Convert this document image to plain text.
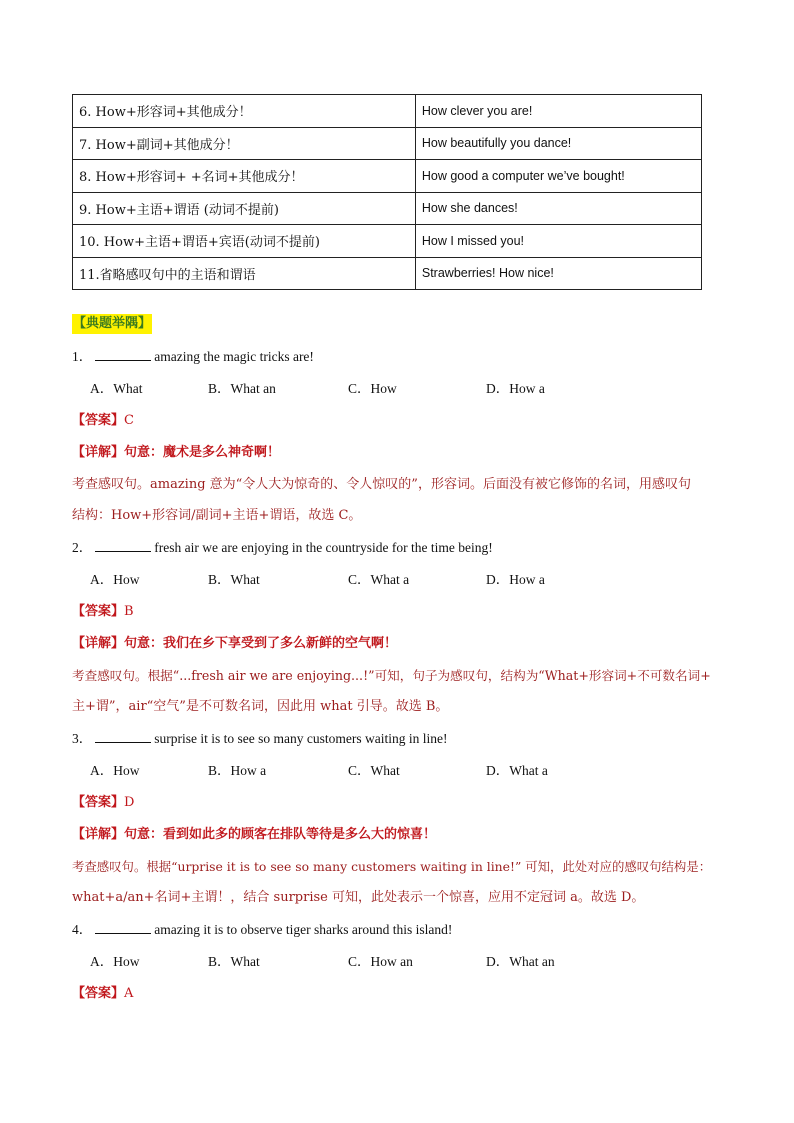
6. How+形容词+其他成分！	How clever you are!
7. How+副词+其他成分！	How beautifully you dance!
8. How+形容词+ +名词+其他成分！	How good a computer we’ve bought!
9. How+主语+谓语 (动词不提前)	How she dances!
10. How+主语+谓语+宾语(动词不提前)	How I missed you!
11.省略感叹句中的主语和谓语	Strawberries! How nice!
【典题举隅】
1．	amazing the magic tricks are!
A．What	B．What an	C．How	D．How a
【答案】C
【详解】句意：魔术是多么神奇啊！
考查感叹句。amazing 意为“令人大为惊奇的、令人惊叹的”，形容词。后面没有被它修饰的名词，用感叹句
结构：How+形容词/副词+主语+谓语，故选 C。
2．	fresh air we are enjoying in the countryside for the time being!
A．How	B．What	C．What a	D．How a
【答案】B
【详解】句意：我们在乡下享受到了多么新鲜的空气啊！
考查感叹句。根据“...fresh air we are enjoying...!”可知，句子为感叹句，结构为“What+形容词+不可数名词+
主+谓”，air“空气”是不可数名词，因此用 what 引导。故选 B。
3．	surprise it is to see so many customers waiting in line!
A．How	B．How a	C．What	D．What a
【答案】D
【详解】句意：看到如此多的顾客在排队等待是多么大的惊喜！
考查感叹句。根据“urprise it is to see so many customers waiting in line!” 可知，此处对应的感叹句结构是：
what+a/an+名词+主谓！，结合 surprise 可知，此处表示一个惊喜，应用不定冠词 a。故选 D。
4．	amazing it is to observe tiger sharks around this island!
A．How	B．What	C．How an	D．What an
【答案】A
